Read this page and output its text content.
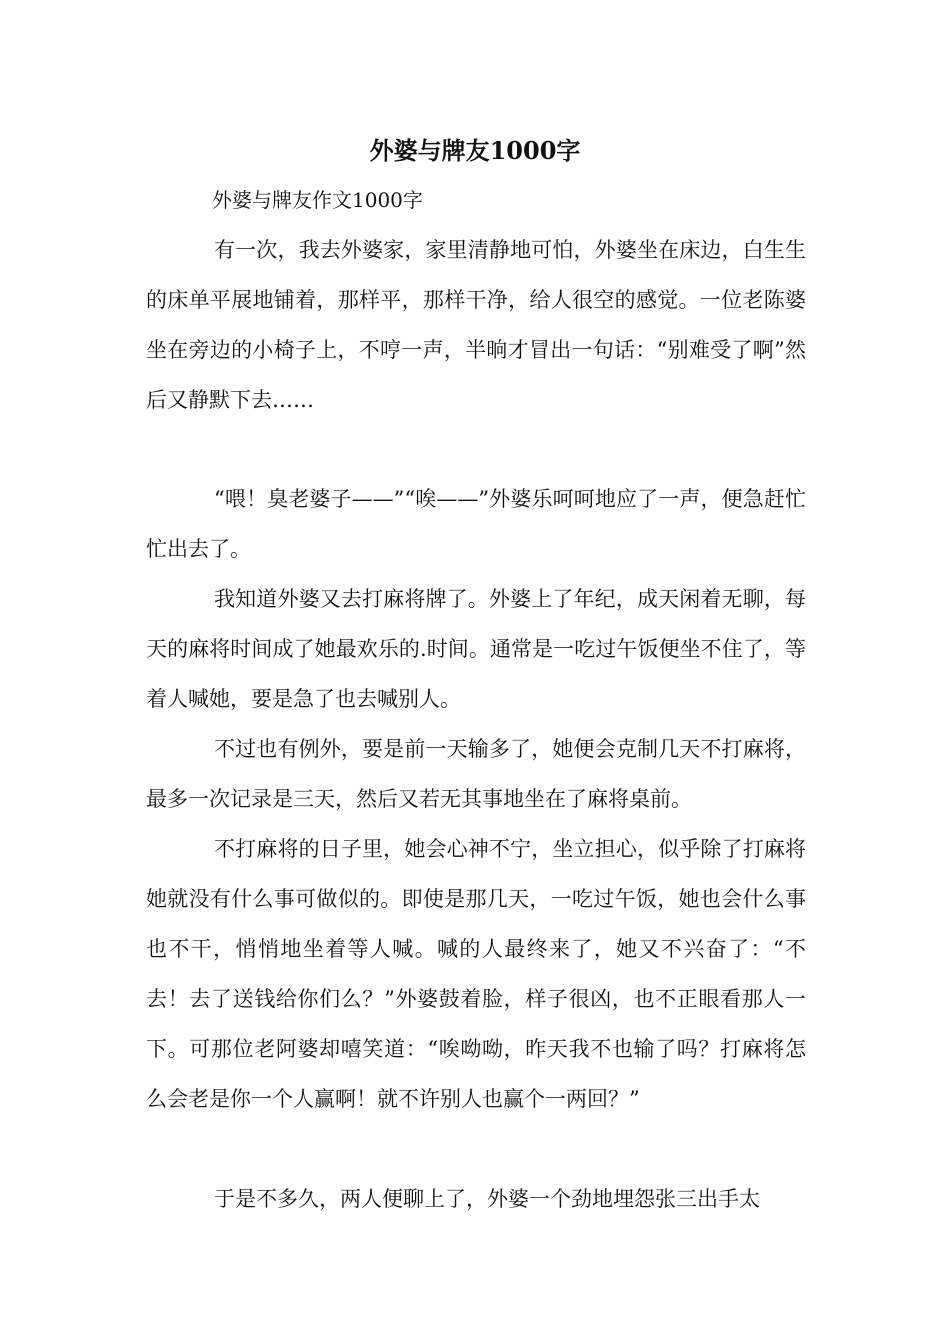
外婆与牌友1000字

外婆与牌友作文1000字

有一次，我去外婆家，家里清静地可怕，外婆坐在床边，白生生的床单平展地铺着，那样平，那样干净，给人很空的感觉。一位老陈婆坐在旁边的小椅子上，不哼一声，半晌才冒出一句话：“别难受了啊”然后又静默下去……

“喂！臭老婆子——”“唉——”外婆乐呵呵地应了一声，便急赶忙忙出去了。

我知道外婆又去打麻将牌了。外婆上了年纪，成天闲着无聊，每天的麻将时间成了她最欢乐的.时间。通常是一吃过午饭便坐不住了，等着人喊她，要是急了也去喊别人。

不过也有例外，要是前一天输多了，她便会克制几天不打麻将，最多一次记录是三天，然后又若无其事地坐在了麻将桌前。

不打麻将的日子里，她会心神不宁，坐立担心，似乎除了打麻将她就没有什么事可做似的。即使是那几天，一吃过午饭，她也会什么事也不干，悄悄地坐着等人喊。喊的人最终来了，她又不兴奋了：“不去！去了送钱给你们么？”外婆鼓着脸，样子很凶，也不正眼看那人一下。可那位老阿婆却嘻笑道：“唉呦呦，昨天我不也输了吗？打麻将怎么会老是你一个人赢啊！就不许别人也赢个一两回？”

于是不多久，两人便聊上了，外婆一个劲地埋怨张三出手太
